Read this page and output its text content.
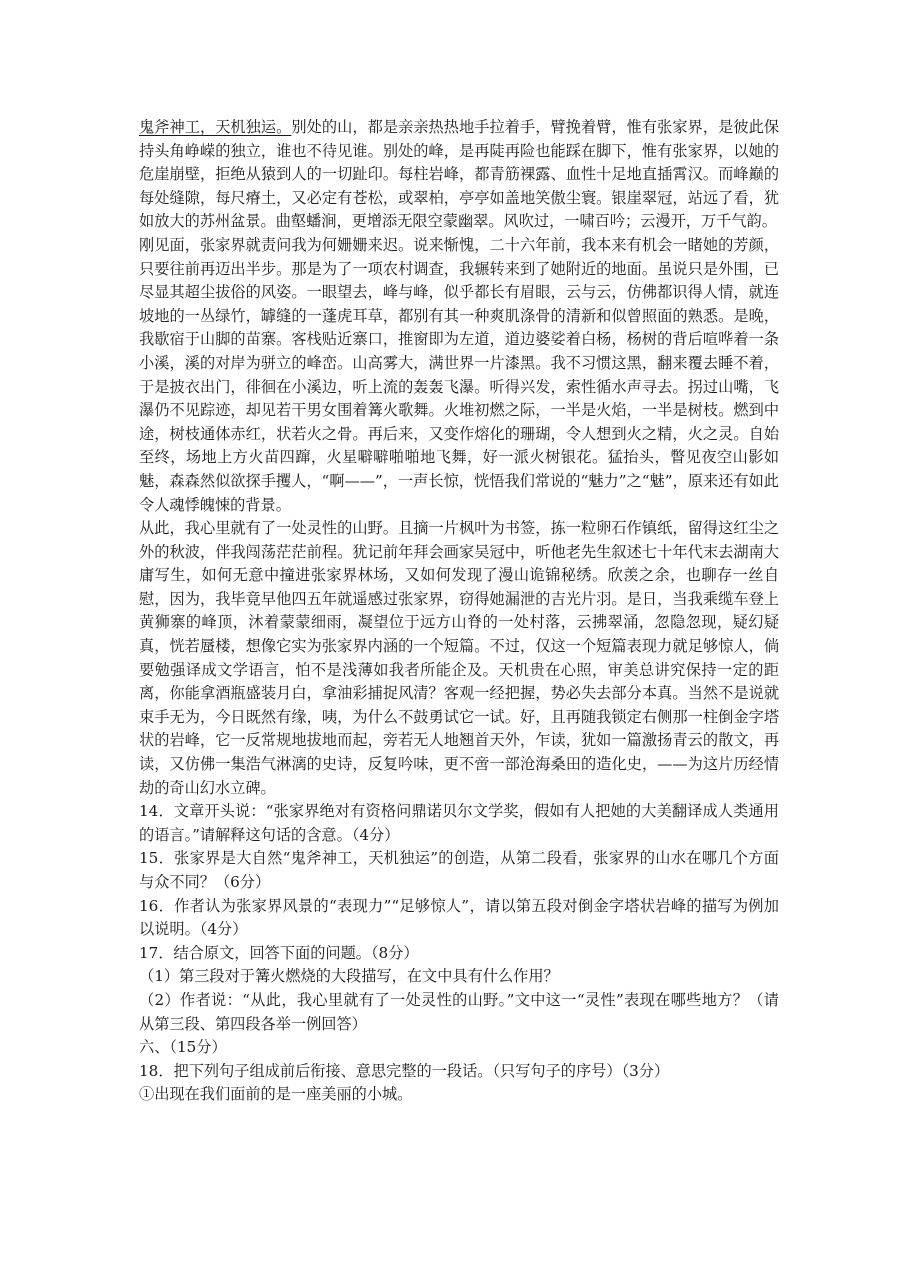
鬼斧神工，天机独运。别处的山，都是亲亲热热地手拉着手，臂挽着臂，惟有张家界，是彼此保持头角峥嵘的独立，谁也不待见谁。别处的峰，是再陡再险也能踩在脚下，惟有张家界，以她的危崖崩壁，拒绝从猿到人的一切趾印。每柱岩峰，都青筋裸露、血性十足地直插霄汉。而峰巅的每处缝隙，每尺瘠土，又必定有苍松，或翠柏，亭亭如盖地笑傲尘寰。银崖翠冠，站远了看，犹如放大的苏州盆景。曲壑蟠涧，更增添无限空蒙幽翠。风吹过，一啸百吟；云漫开，万千气韵。

刚见面，张家界就责问我为何姗姗来迟。说来惭愧，二十六年前，我本来有机会一睹她的芳颜，只要往前再迈出半步。那是为了一项农村调查，我辗转来到了她附近的地面。虽说只是外围，已尽显其超尘拔俗的风姿。一眼望去，峰与峰，似乎都长有眉眼，云与云，仿佛都识得人情，就连坡地的一丛绿竹，罅缝的一蓬虎耳草，都别有其一种爽肌涤骨的清新和似曾照面的熟悉。是晚，我歇宿于山脚的苗寨。客栈贴近寨口，推窗即为左道，道边婆娑着白杨，杨树的背后喧哗着一条小溪，溪的对岸为骈立的峰峦。山高雾大，满世界一片漆黑。我不习惯这黑，翻来覆去睡不着，于是披衣出门，徘徊在小溪边，听上流的轰轰飞瀑。听得兴发，索性循水声寻去。拐过山嘴，飞瀑仍不见踪迹，却见若干男女围着篝火歌舞。火堆初燃之际，一半是火焰，一半是树枝。燃到中途，树枝通体赤红，状若火之骨。再后来，又变作熔化的珊瑚，令人想到火之精，火之灵。自始至终，场地上方火苗四蹿，火星噼噼啪啪地飞舞，好一派火树银花。猛抬头，瞥见夜空山影如魅，森森然似欲探手攫人，“啊——”，一声长惊，恍悟我们常说的“魅力”之“魅”，原来还有如此令人魂悸魄悚的背景。

从此，我心里就有了一处灵性的山野。且摘一片枫叶为书签，拣一粒卵石作镇纸，留得这红尘之外的秋波，伴我闯荡茫茫前程。犹记前年拜会画家吴冠中，听他老先生叙述七十年代末去湖南大庸写生，如何无意中撞进张家界林场，又如何发现了漫山诡锦秘绣。欣羡之余，也聊存一丝自慰，因为，我毕竟早他四五年就遥感过张家界，窃得她漏泄的吉光片羽。是日，当我乘缆车登上黄狮寨的峰顶，沐着蒙蒙细雨，凝望位于远方山脊的一处村落，云拂翠涌，忽隐忽现，疑幻疑真，恍若蜃楼，想像它实为张家界内涵的一个短篇。不过，仅这一个短篇表现力就足够惊人，倘要勉强译成文学语言，怕不是浅薄如我者所能企及。天机贵在心照，审美总讲究保持一定的距离，你能拿酒瓶盛装月白，拿油彩捕捉风清？客观一经把握，势必失去部分本真。当然不是说就束手无为，今日既然有缘，咦，为什么不鼓勇试它一试。好，且再随我锁定右侧那一柱倒金字塔状的岩峰，它一反常规地拔地而起，旁若无人地翘首天外，乍读，犹如一篇激扬青云的散文，再读，又仿佛一集浩气淋漓的史诗，反复吟味，更不啻一部沧海桑田的造化史，——为这片历经情劫的奇山幻水立碑。

14．文章开头说：“张家界绝对有资格问鼎诺贝尔文学奖，假如有人把她的大美翻译成人类通用的语言。”请解释这句话的含意。（4分）

15．张家界是大自然“鬼斧神工，天机独运”的创造，从第二段看，张家界的山水在哪几个方面与众不同？（6分）

16．作者认为张家界风景的“表现力”“足够惊人”，请以第五段对倒金字塔状岩峰的描写为例加以说明。（4分）

17．结合原文，回答下面的问题。（8分）

（1）第三段对于篝火燃烧的大段描写，在文中具有什么作用？

（2）作者说：“从此，我心里就有了一处灵性的山野。”文中这一“灵性”表现在哪些地方？（请从第三段、第四段各举一例回答）

六、（15分）

18．把下列句子组成前后衔接、意思完整的一段话。（只写句子的序号）（3分）

①出现在我们面前的是一座美丽的小城。
